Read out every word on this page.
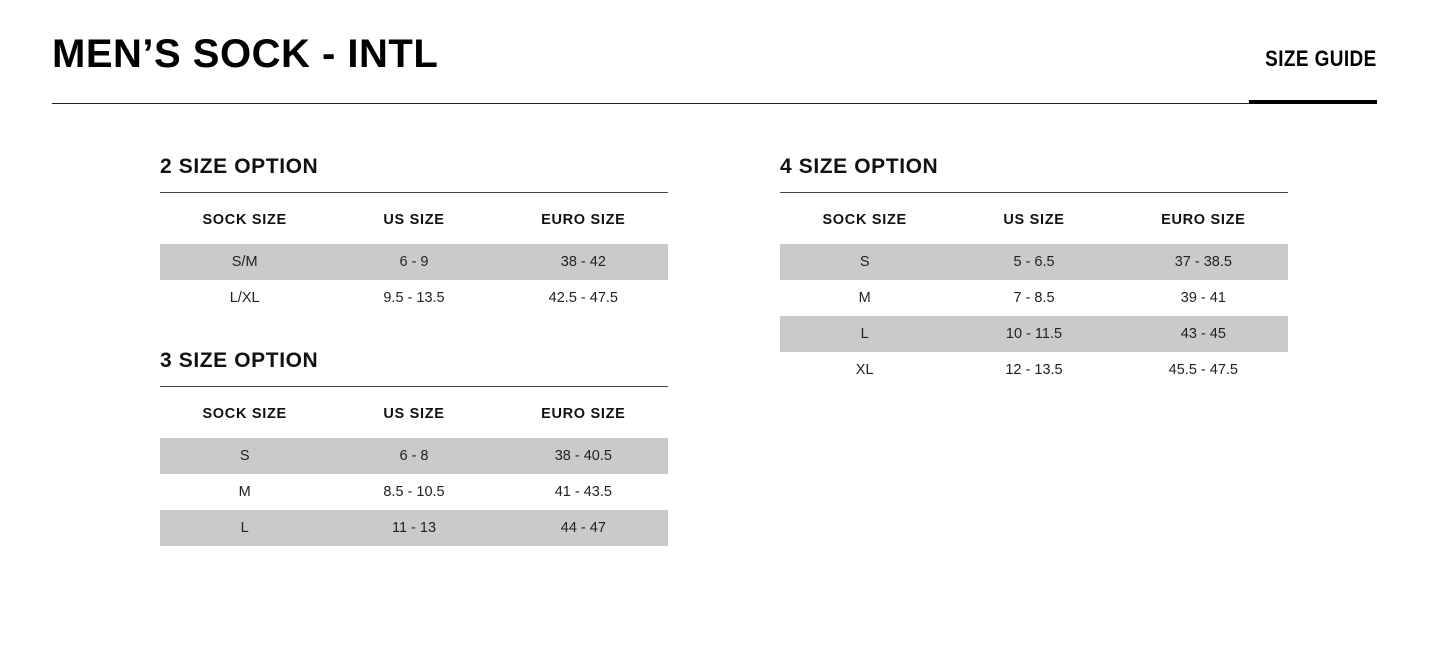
MEN’S SOCK - INTL	SIZE GUIDE
2 SIZE OPTION
SOCK SIZE	US SIZE	EURO SIZE
S/M	6 - 9	38 - 42
L/XL	9.5 - 13.5	42.5 - 47.5
3 SIZE OPTION
SOCK SIZE	US SIZE	EURO SIZE
S	6 - 8	38 - 40.5
M	8.5 - 10.5	41 - 43.5
L	11 - 13	44 - 47
4 SIZE OPTION
SOCK SIZE	US SIZE	EURO SIZE
S	5 - 6.5	37 - 38.5
M	7 - 8.5	39 - 41
L	10 - 11.5	43 - 45
XL	12 - 13.5	45.5 - 47.5
